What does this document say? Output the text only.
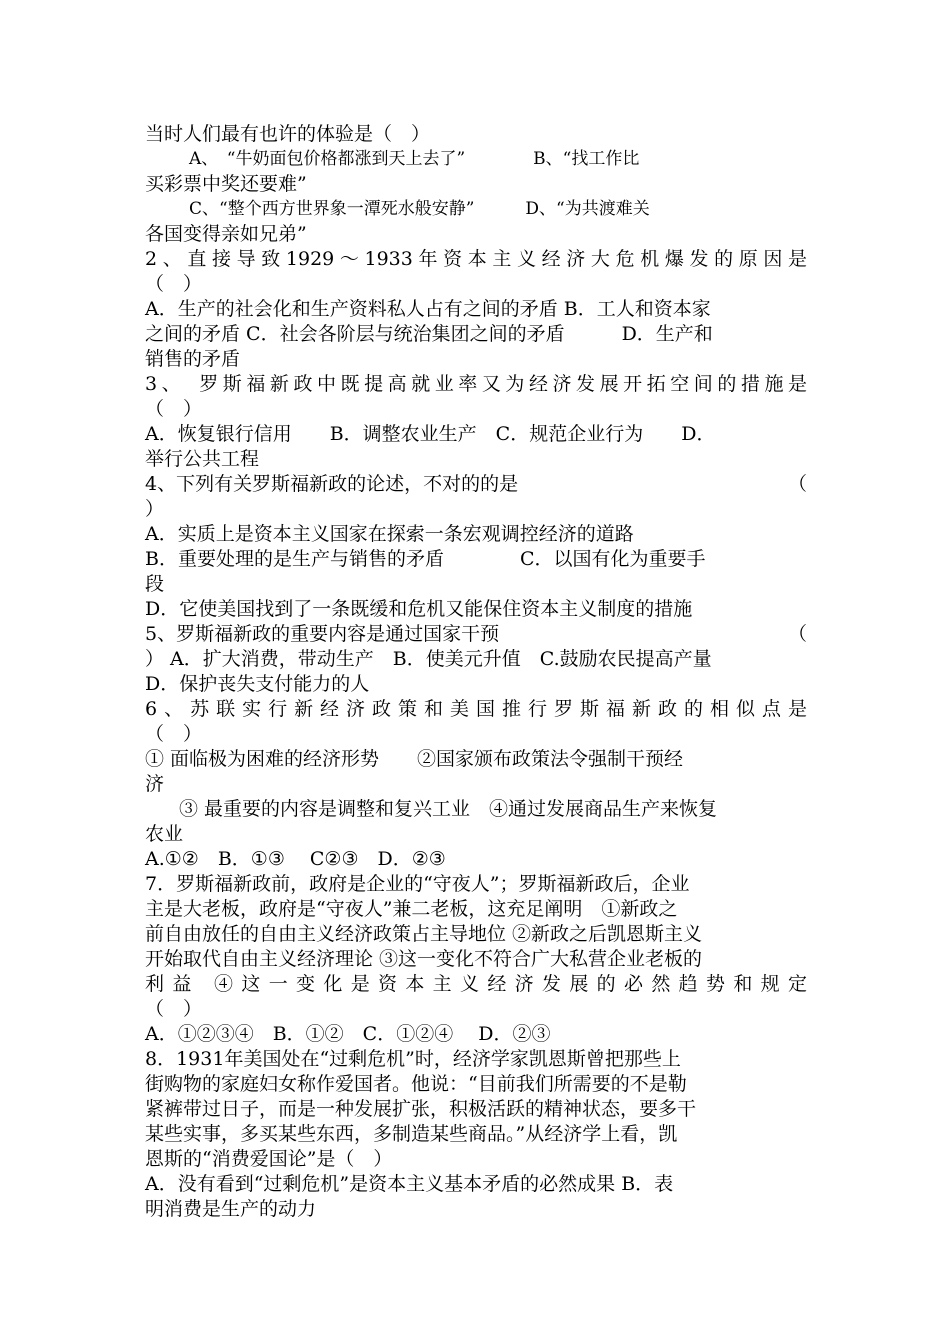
当时人们最有也许的体验是（　）
A、　“牛奶面包价格都涨到天上去了”　　　　B、“找工作比
买彩票中奖还要难”
C、“整个西方世界象一潭死水般安静”　　　D、“为共渡难关
各国变得亲如兄弟”
2、直接导致1929～1933年资本主义经济大危机爆发的原因是
（　）
A．生产的社会化和生产资料私人占有之间的矛盾 B．工人和资本家
之间的矛盾 C．社会各阶层与统治集团之间的矛盾　　　D．生产和
销售的矛盾
3、　罗斯福新政中既提高就业率又为经济发展开拓空间的措施是
（　）
A．恢复银行信用　　B．调整农业生产　C．规范企业行为　　D．
举行公共工程
4、下列有关罗斯福新政的论述，不对的的是	（
）
A．实质上是资本主义国家在探索一条宏观调控经济的道路
B．重要处理的是生产与销售的矛盾　　　　C．以国有化为重要手
段
D．它使美国找到了一条既缓和危机又能保住资本主义制度的措施
5、罗斯福新政的重要内容是通过国家干预	（
） A．扩大消费，带动生产　B．使美元升值　C.鼓励农民提高产量
D．保护丧失支付能力的人
6、苏联实行新经济政策和美国推行罗斯福新政的相似点是
（　）
① 面临极为困难的经济形势　　②国家颁布政策法令强制干预经
济
③ 最重要的内容是调整和复兴工业　④通过发展商品生产来恢复
农业
A.①②　B．①③　 C②③　D．②③
7．罗斯福新政前，政府是企业的“守夜人”；罗斯福新政后，企业
主是大老板，政府是“守夜人”兼二老板，这充足阐明　①新政之
前自由放任的自由主义经济政策占主导地位 ②新政之后凯恩斯主义
开始取代自由主义经济理论 ③这一变化不符合广大私营企业老板的
利益 ④这一变化是资本主义经济发展的必然趋势和规定
（　）
A．①②③④　B．①②　C．①②④　 D．②③
8．1931年美国处在“过剩危机”时，经济学家凯恩斯曾把那些上
街购物的家庭妇女称作爱国者。他说：“目前我们所需要的不是勒
紧裤带过日子，而是一种发展扩张，积极活跃的精神状态，要多干
某些实事，多买某些东西，多制造某些商品。”从经济学上看，凯
恩斯的“消费爱国论”是（　）
A．没有看到“过剩危机”是资本主义基本矛盾的必然成果 B．表
明消费是生产的动力
